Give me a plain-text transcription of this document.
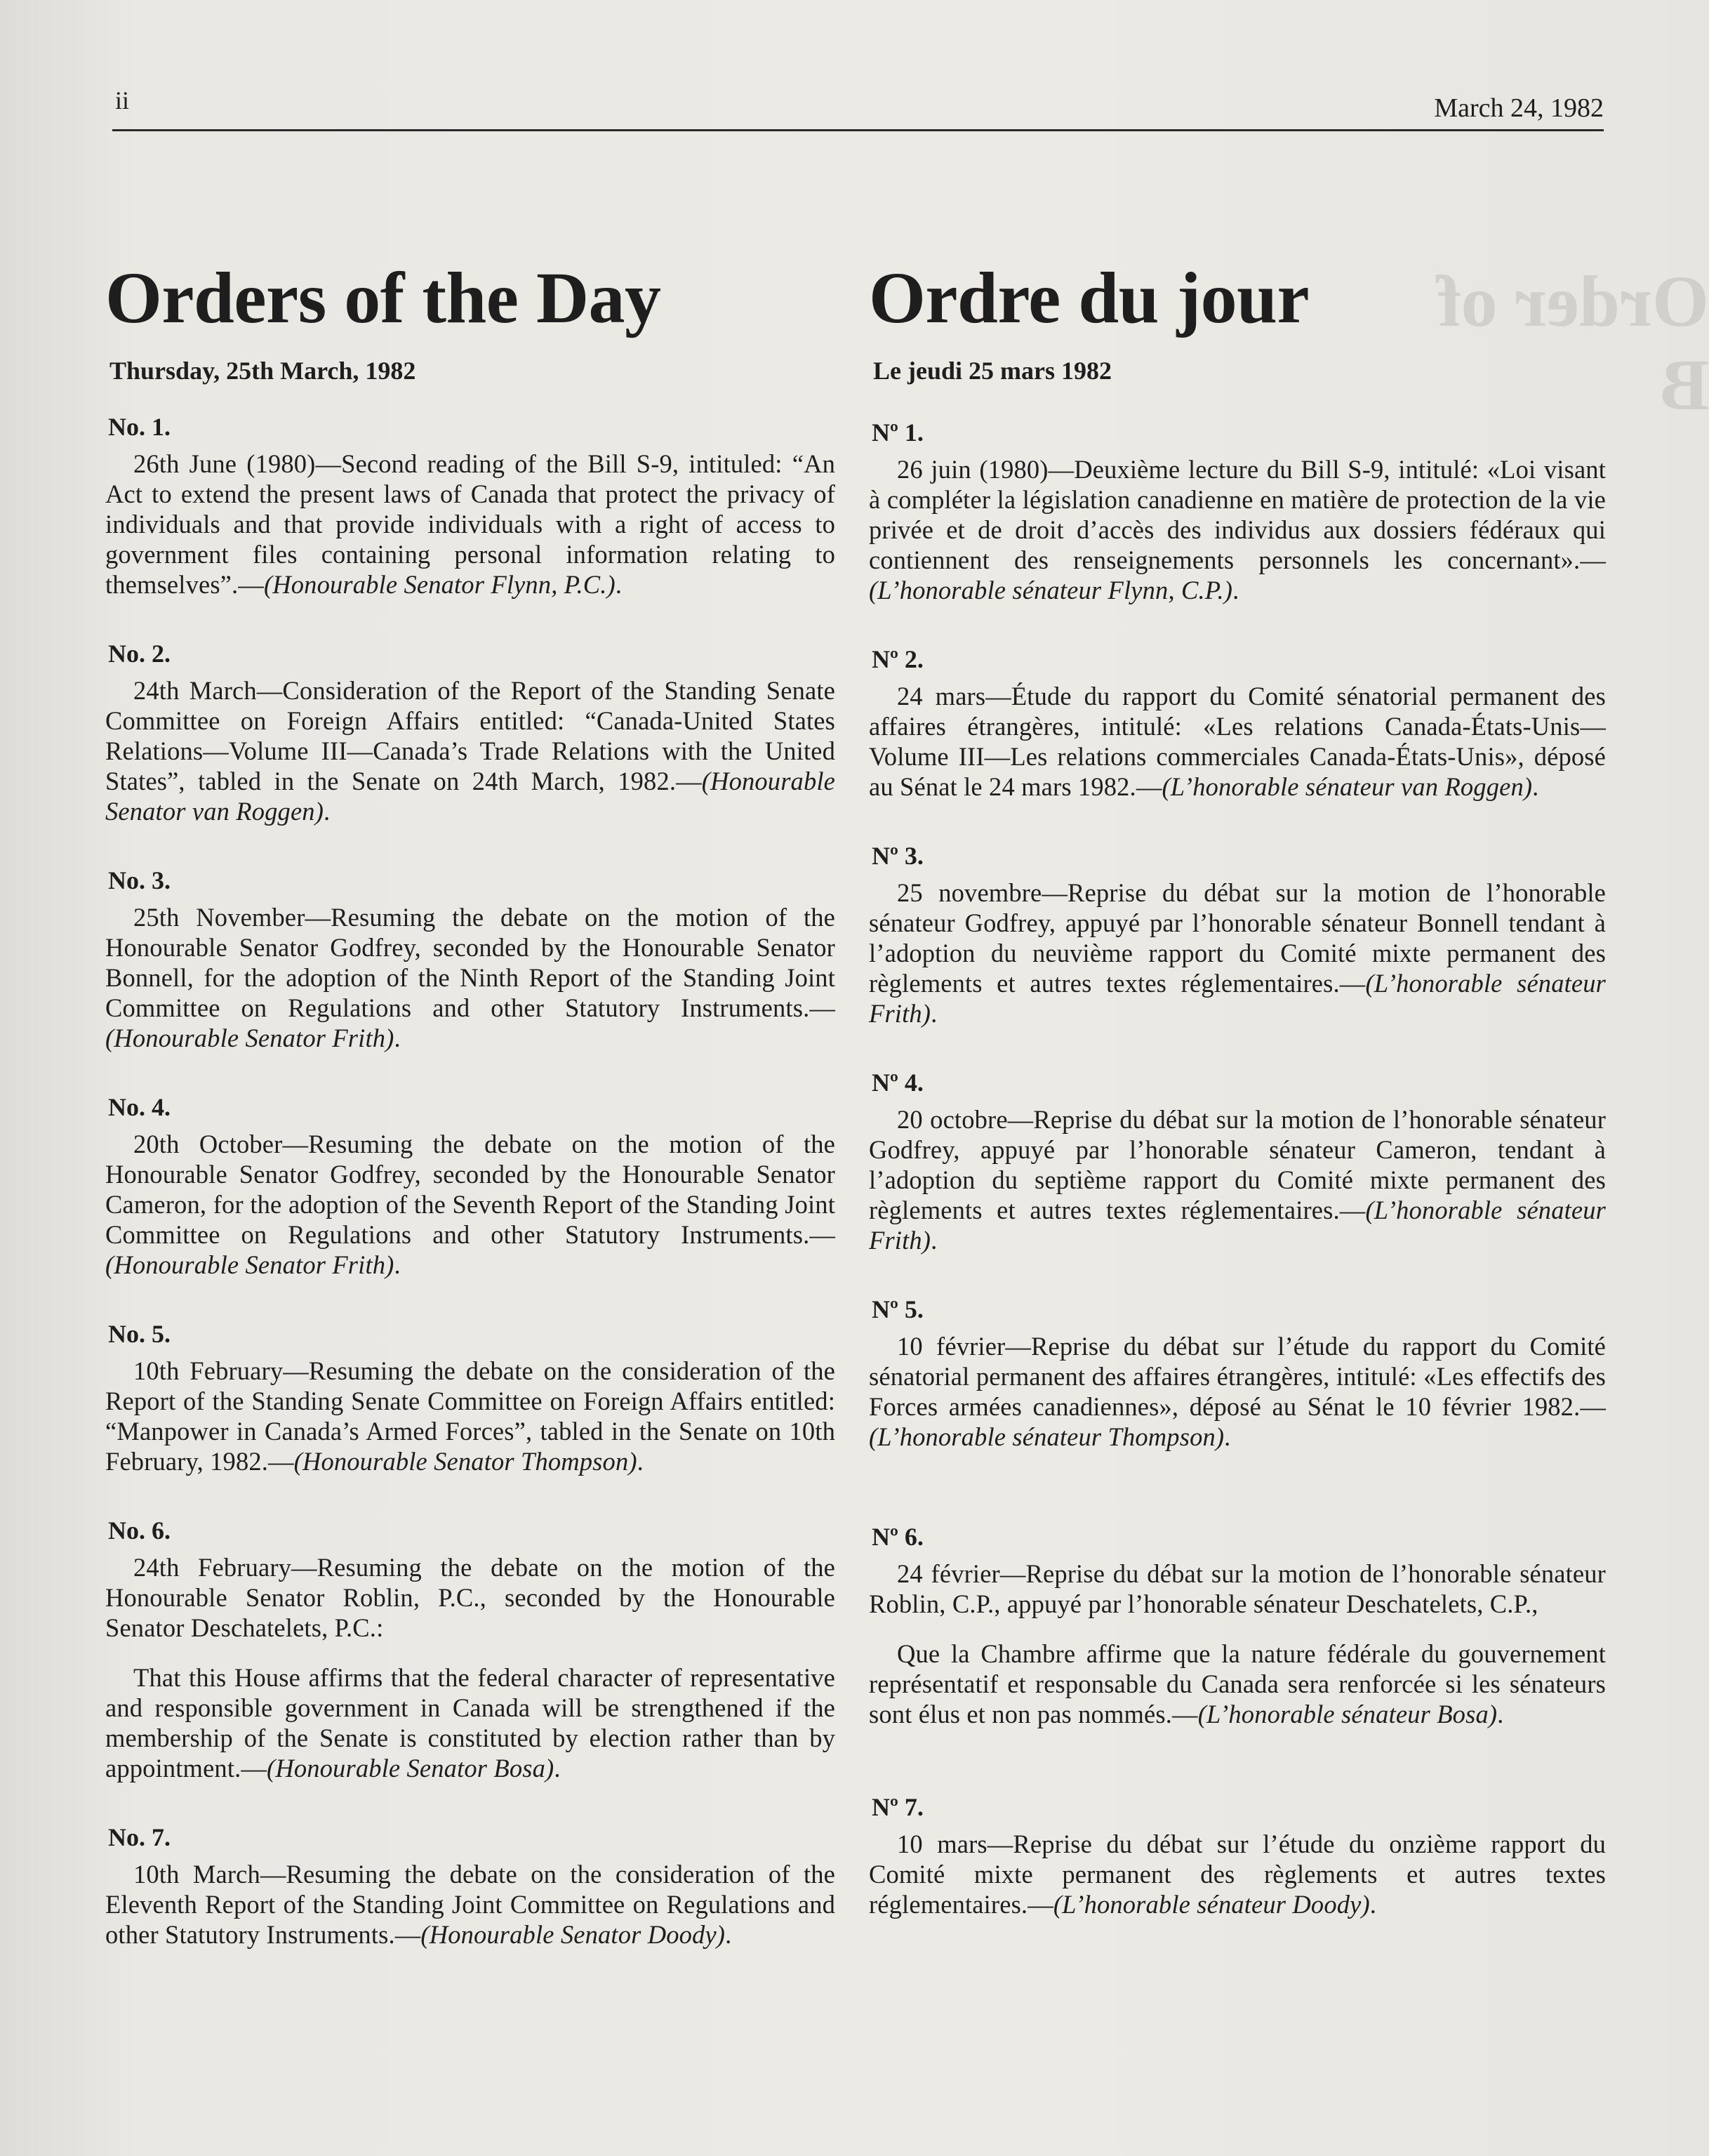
Order of B
ii	March 24, 1982
Orders of the Day
Thursday, 25th March, 1982
No. 1.

26th June (1980)—Second reading of the Bill S-9, intituled: “An Act to extend the present laws of Canada that protect the privacy of individuals and that provide individuals with a right of access to government files containing personal information relating to themselves”.—(Honourable Senator Flynn, P.C.).

No. 2.

24th March—Consideration of the Report of the Standing Senate Committee on Foreign Affairs entitled: “Canada-United States Relations—Volume III—Canada’s Trade Relations with the United States”, tabled in the Senate on 24th March, 1982.—(Honourable Senator van Roggen).

No. 3.

25th November—Resuming the debate on the motion of the Honourable Senator Godfrey, seconded by the Honourable Senator Bonnell, for the adoption of the Ninth Report of the Standing Joint Committee on Regulations and other Statutory Instruments.—(Honourable Senator Frith).

No. 4.

20th October—Resuming the debate on the motion of the Honourable Senator Godfrey, seconded by the Honourable Senator Cameron, for the adoption of the Seventh Report of the Standing Joint Committee on Regulations and other Statutory Instruments.—(Honourable Senator Frith).

No. 5.

10th February—Resuming the debate on the consideration of the Report of the Standing Senate Committee on Foreign Affairs entitled: “Manpower in Canada’s Armed Forces”, tabled in the Senate on 10th February, 1982.—(Honourable Senator Thompson).

No. 6.

24th February—Resuming the debate on the motion of the Honourable Senator Roblin, P.C., seconded by the Honourable Senator Deschatelets, P.C.:

That this House affirms that the federal character of representative and responsible government in Canada will be strengthened if the membership of the Senate is constituted by election rather than by appointment.—(Honourable Senator Bosa).

No. 7.

10th March—Resuming the debate on the consideration of the Eleventh Report of the Standing Joint Committee on Regulations and other Statutory Instruments.—(Honourable Senator Doody).

Ordre du jour
Le jeudi 25 mars 1982
Nº 1.

26 juin (1980)—Deuxième lecture du Bill S-9, intitulé: «Loi visant à compléter la législation canadienne en matière de protection de la vie privée et de droit d’accès des individus aux dossiers fédéraux qui contiennent des renseignements personnels les concernant».—(L’honorable sénateur Flynn, C.P.).

Nº 2.

24 mars—Étude du rapport du Comité sénatorial permanent des affaires étrangères, intitulé: «Les relations Canada-États-Unis—Volume III—Les relations commerciales Canada-États-Unis», déposé au Sénat le 24 mars 1982.—(L’honorable sénateur van Roggen).

Nº 3.

25 novembre—Reprise du débat sur la motion de l’honorable sénateur Godfrey, appuyé par l’honorable sénateur Bonnell tendant à l’adoption du neuvième rapport du Comité mixte permanent des règlements et autres textes réglementaires.—(L’honorable sénateur Frith).

Nº 4.

20 octobre—Reprise du débat sur la motion de l’honorable sénateur Godfrey, appuyé par l’honorable sénateur Cameron, tendant à l’adoption du septième rapport du Comité mixte permanent des règlements et autres textes réglementaires.—(L’honorable sénateur Frith).

Nº 5.

10 février—Reprise du débat sur l’étude du rapport du Comité sénatorial permanent des affaires étrangères, intitulé: «Les effectifs des Forces armées canadiennes», déposé au Sénat le 10 février 1982.—(L’honorable sénateur Thompson).

Nº 6.

24 février—Reprise du débat sur la motion de l’honorable sénateur Roblin, C.P., appuyé par l’honorable sénateur Deschatelets, C.P.,

Que la Chambre affirme que la nature fédérale du gouvernement représentatif et responsable du Canada sera renforcée si les sénateurs sont élus et non pas nommés.—(L’honorable sénateur Bosa).

Nº 7.

10 mars—Reprise du débat sur l’étude du onzième rapport du Comité mixte permanent des règlements et autres textes réglementaires.—(L’honorable sénateur Doody).
